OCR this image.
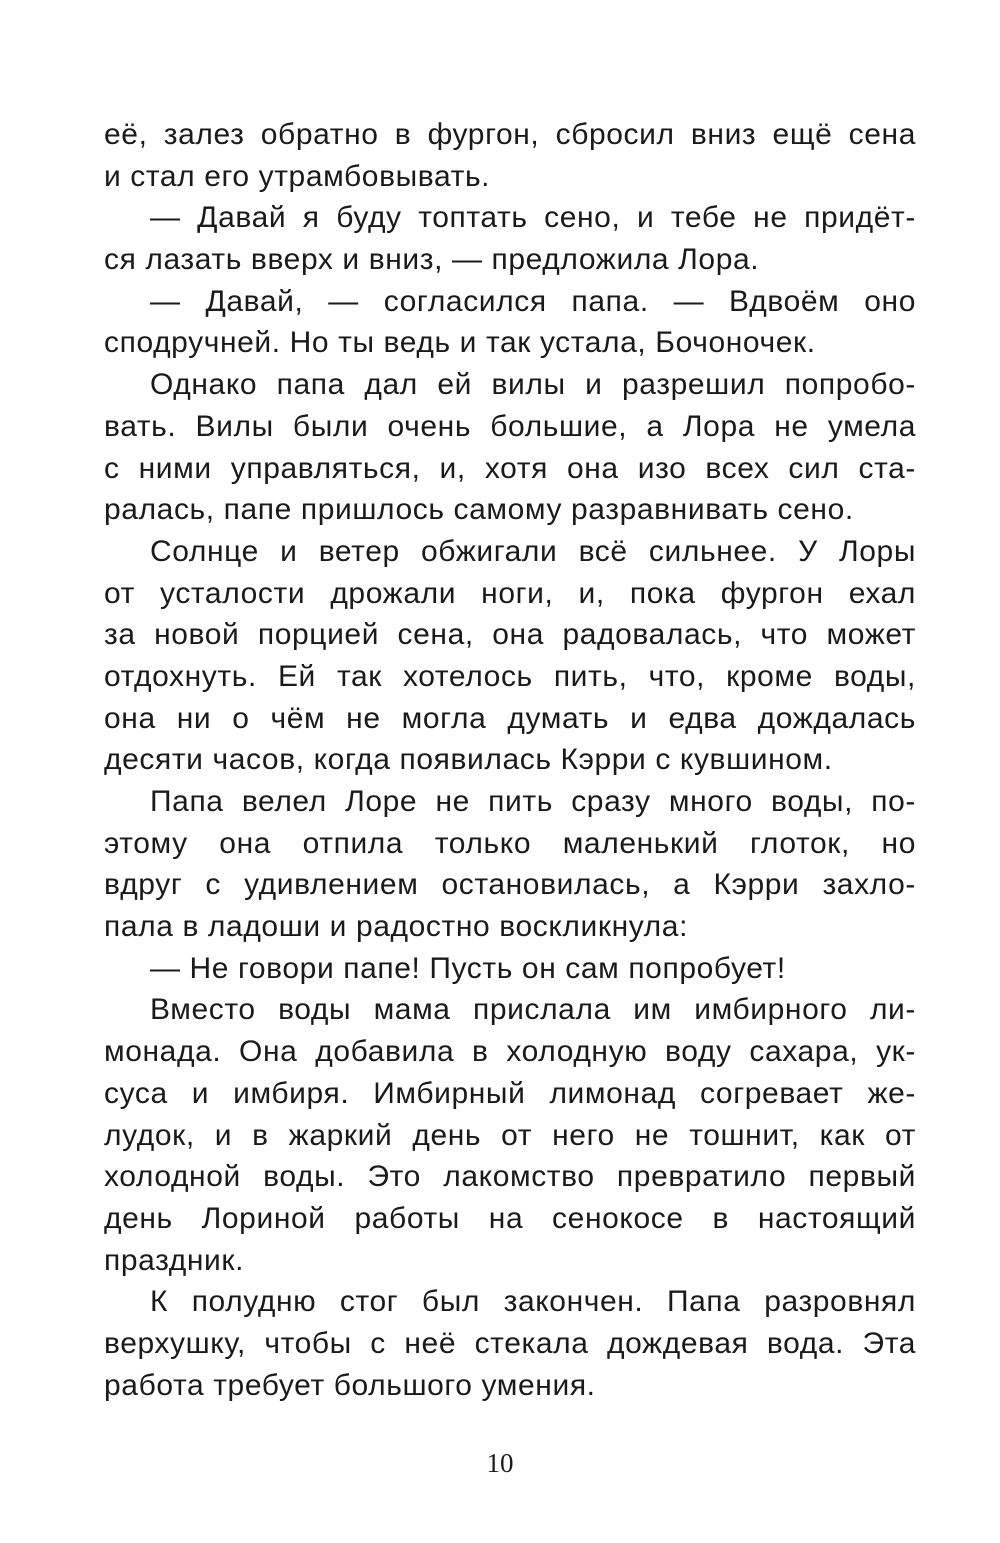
её, залез обратно в фургон, сбросил вниз ещё сена
и стал его утрамбовывать.
— Давай я буду топтать сено, и тебе не придёт-
ся лазать вверх и вниз, — предложила Лора.
— Давай, — согласился папа. — Вдвоём оно
сподручней. Но ты ведь и так устала, Бочоночек.
Однако папа дал ей вилы и разрешил попробо-
вать. Вилы были очень большие, а Лора не умела
с ними управляться, и, хотя она изо всех сил ста-
ралась, папе пришлось самому разравнивать сено.
Солнце и ветер обжигали всё сильнее. У Лоры
от усталости дрожали ноги, и, пока фургон ехал
за новой порцией сена, она радовалась, что может
отдохнуть. Ей так хотелось пить, что, кроме воды,
она ни о чём не могла думать и едва дождалась
десяти часов, когда появилась Кэрри с кувшином.
Папа велел Лоре не пить сразу много воды, по-
этому она отпила только маленький глоток, но
вдруг с удивлением остановилась, а Кэрри захло-
пала в ладоши и радостно воскликнула:
— Не говори папе! Пусть он сам попробует!
Вместо воды мама прислала им имбирного ли-
монада. Она добавила в холодную воду сахара, ук-
суса и имбиря. Имбирный лимонад согревает же-
лудок, и в жаркий день от него не тошнит, как от
холодной воды. Это лакомство превратило первый
день Лориной работы на сенокосе в настоящий
праздник.
К полудню стог был закончен. Папа разровнял
верхушку, чтобы с неё стекала дождевая вода. Эта
работа требует большого умения.
10
